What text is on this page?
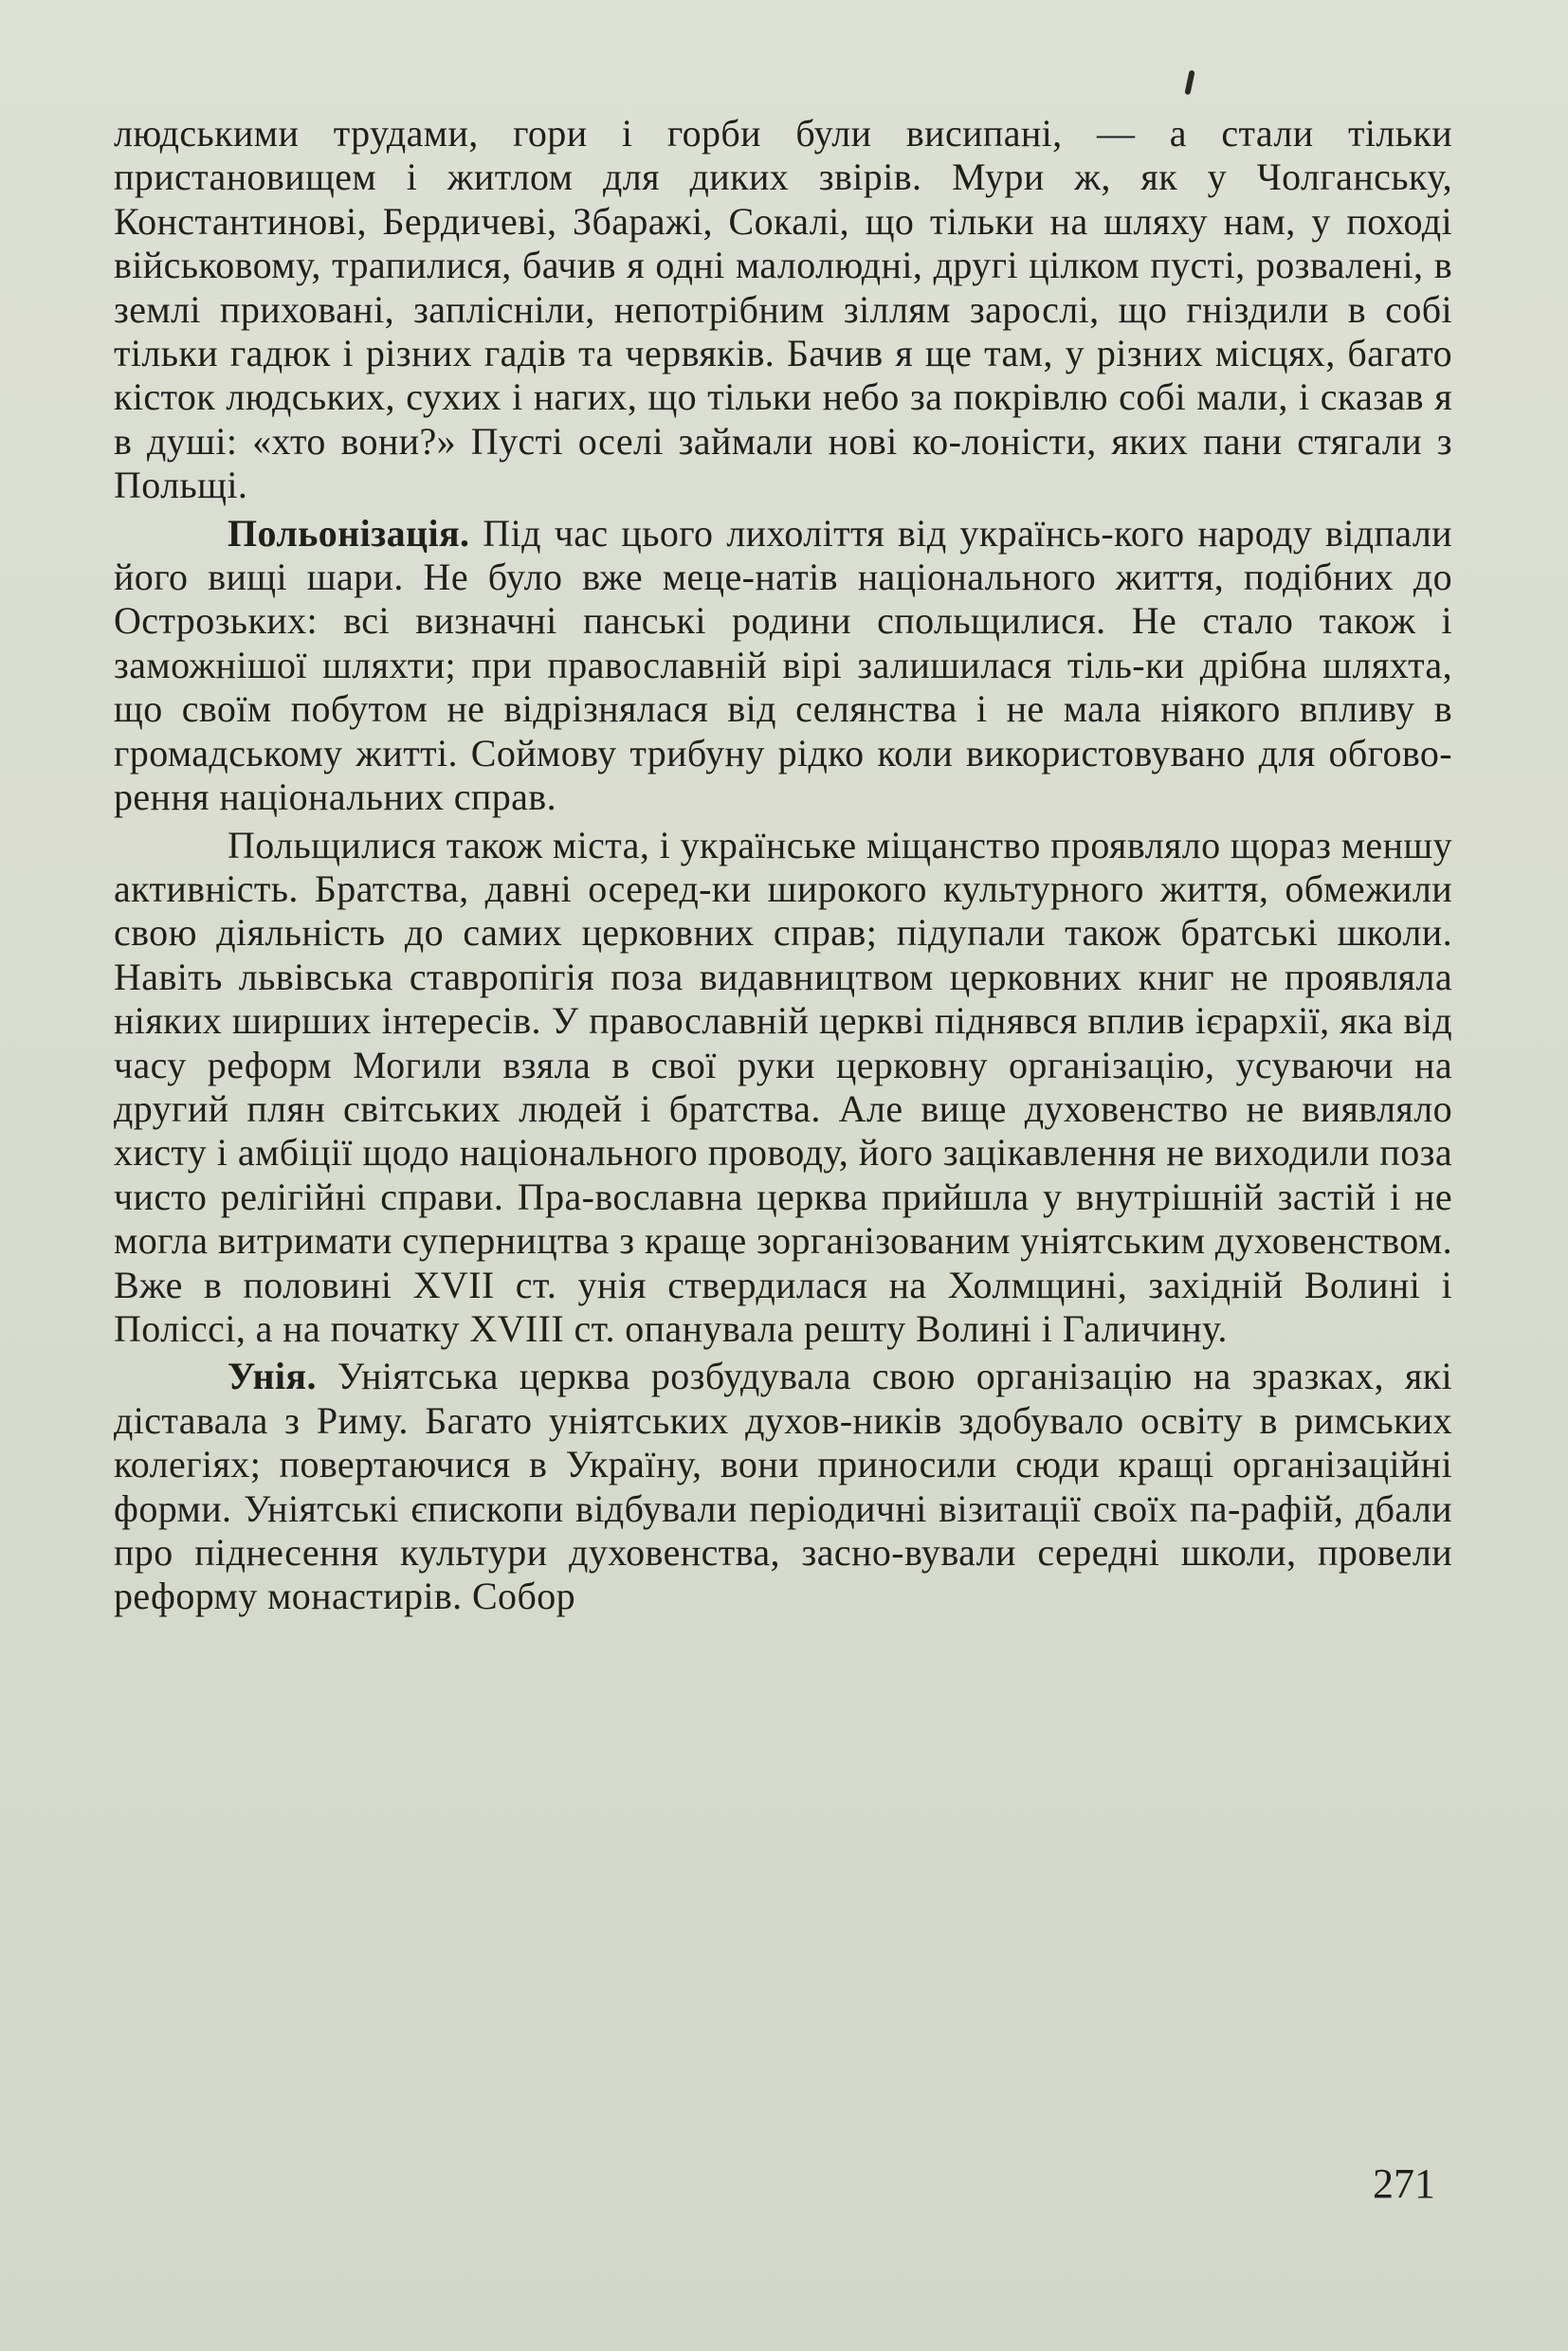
людськими трудами, гори і горби були висипані, — а стали тільки пристановищем і житлом для диких звірів. Мури ж, як у Чолганську, Константинові, Бердичеві, Збаражі, Сокалі, що тільки на шляху нам, у поході військовому, трапилися, бачив я одні малолюдні, другі цілком пусті, розвалені, в землі приховані, заплісніли, непотрібним зіллям зарослі, що гніздили в собі тільки гадюк і різних гадів та червяків. Бачив я ще там, у різних місцях, багато кісток людських, сухих і нагих, що тільки небо за покрівлю собі мали, і сказав я в душі: «хто вони?» Пусті оселі займали нові ко-лоністи, яких пани стягали з Польщі.

Польонізація. Під час цього лихоліття від українсь-кого народу відпали його вищі шари. Не було вже меце-натів національного життя, подібних до Острозьких: всі визначні панські родини спольщилися. Не стало також і заможнішої шляхти; при православній вірі залишилася тіль-ки дрібна шляхта, що своїм побутом не відрізнялася від селянства і не мала ніякого впливу в громадському житті. Соймову трибуну рідко коли використовувано для обгово-рення національних справ.

Польщилися також міста, і українське міщанство проявляло щораз меншу активність. Братства, давні осеред-ки широкого культурного життя, обмежили свою діяльність до самих церковних справ; підупали також братські школи. Навіть львівська ставропігія поза видавництвом церковних книг не проявляла ніяких ширших інтересів. У православній церкві піднявся вплив ієрархії, яка від часу реформ Могили взяла в свої руки церковну організацію, усуваючи на другий плян світських людей і братства. Але вище духовенство не виявляло хисту і амбіції щодо національного проводу, його зацікавлення не виходили поза чисто релігійні справи. Пра-вославна церква прийшла у внутрішній застій і не могла витримати суперництва з краще зорганізованим уніятським духовенством. Вже в половині XVII ст. унія ствердилася на Холмщині, західній Волині і Поліссі, а на початку XVIII ст. опанувала решту Волині і Галичину.

Унія. Уніятська церква розбудувала свою організацію на зразках, які діставала з Риму. Багато уніятських духов-ників здобувало освіту в римських колегіях; повертаючися в Україну, вони приносили сюди кращі організаційні форми. Уніятські єпископи відбували періодичні візитації своїх па-рафій, дбали про піднесення культури духовенства, засно-вували середні школи, провели реформу монастирів. Собор

271
